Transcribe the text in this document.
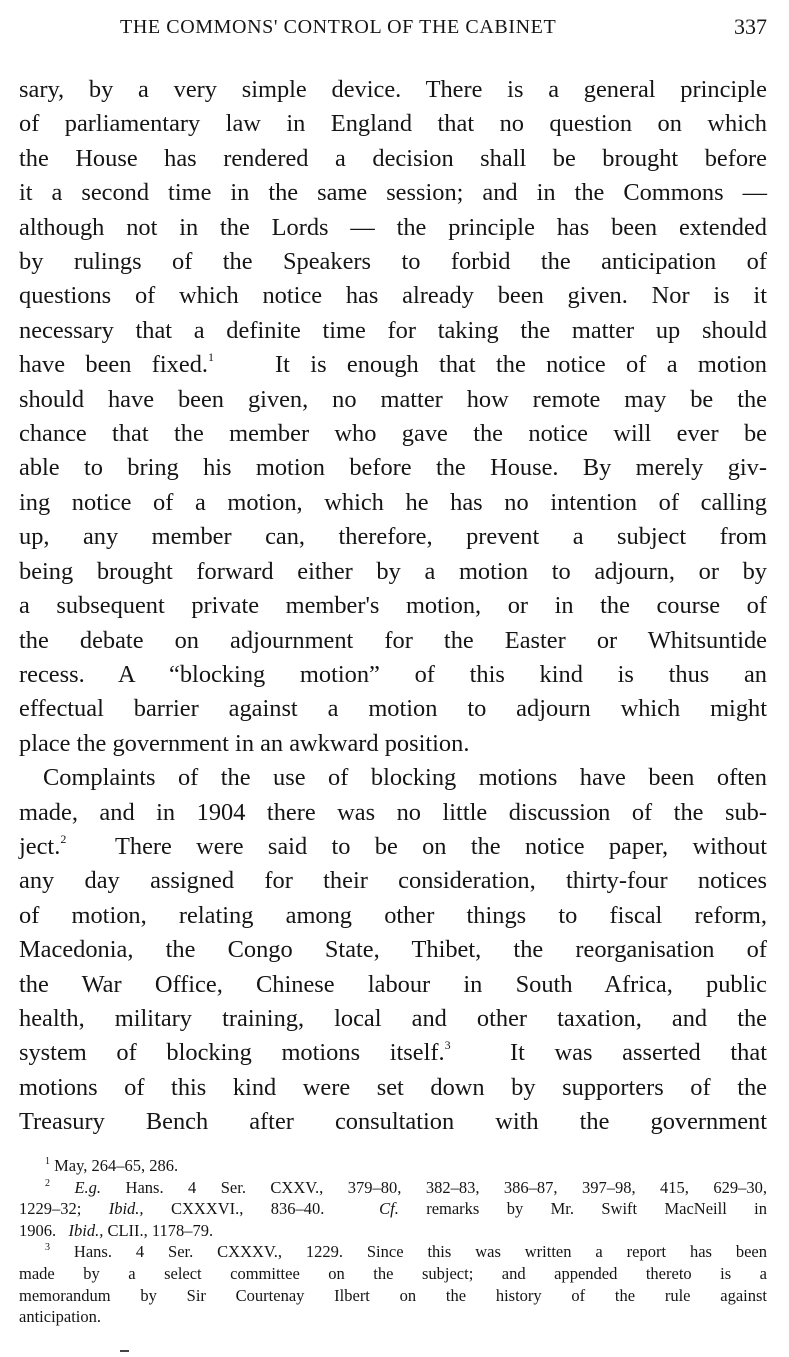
THE COMMONS' CONTROL OF THE CABINET	337
sary, by a very simple device. There is a general principle
of parliamentary law in England that no question on which
the House has rendered a decision shall be brought before
it a second time in the same session; and in the Commons —
although not in the Lords — the principle has been extended
by rulings of the Speakers to forbid the anticipation of
questions of which notice has already been given. Nor is it
necessary that a definite time for taking the matter up should
have been fixed.$^1$	It is enough that the notice of a motion
should have been given, no matter how remote may be the
chance that the member who gave the notice will ever be
able to bring his motion before the House. By merely giv-
ing notice of a motion, which he has no intention of calling
up, any member can, therefore, prevent a subject from
being brought forward either by a motion to adjourn, or by
a subsequent private member's motion, or in the course of
the debate on adjournment for the Easter or Whitsuntide
recess. A “blocking motion” of this kind is thus an
effectual barrier against a motion to adjourn which might
place the government in an awkward position.
Complaints of the use of blocking motions have been often
made, and in 1904 there was no little discussion of the sub-
ject.$^2$ There were said to be on the notice paper, without
any day assigned for their consideration, thirty-four notices
of motion, relating among other things to fiscal reform,
Macedonia, the Congo State, Thibet, the reorganisation of
the War Office, Chinese labour in South Africa, public
health, military training, local and other taxation, and the
system of blocking motions itself.$^3$ It was asserted that
motions of this kind were set down by supporters of the
Treasury Bench after consultation with the government
$^1$ May, 264–65, 286.
$^2$ E.g. Hans. 4 Ser. CXXV., 379–80, 382–83, 386–87, 397–98, 415, 629–30,
1229–32; Ibid., CXXXVI., 836–40.	Cf. remarks by Mr. Swift MacNeill in
1906. Ibid., CLII., 1178–79.
$^3$ Hans. 4 Ser. CXXXV., 1229. Since this was written a report has been
made by a select committee on the subject; and appended thereto is a
memorandum by Sir Courtenay Ilbert on the history of the rule against
anticipation.
